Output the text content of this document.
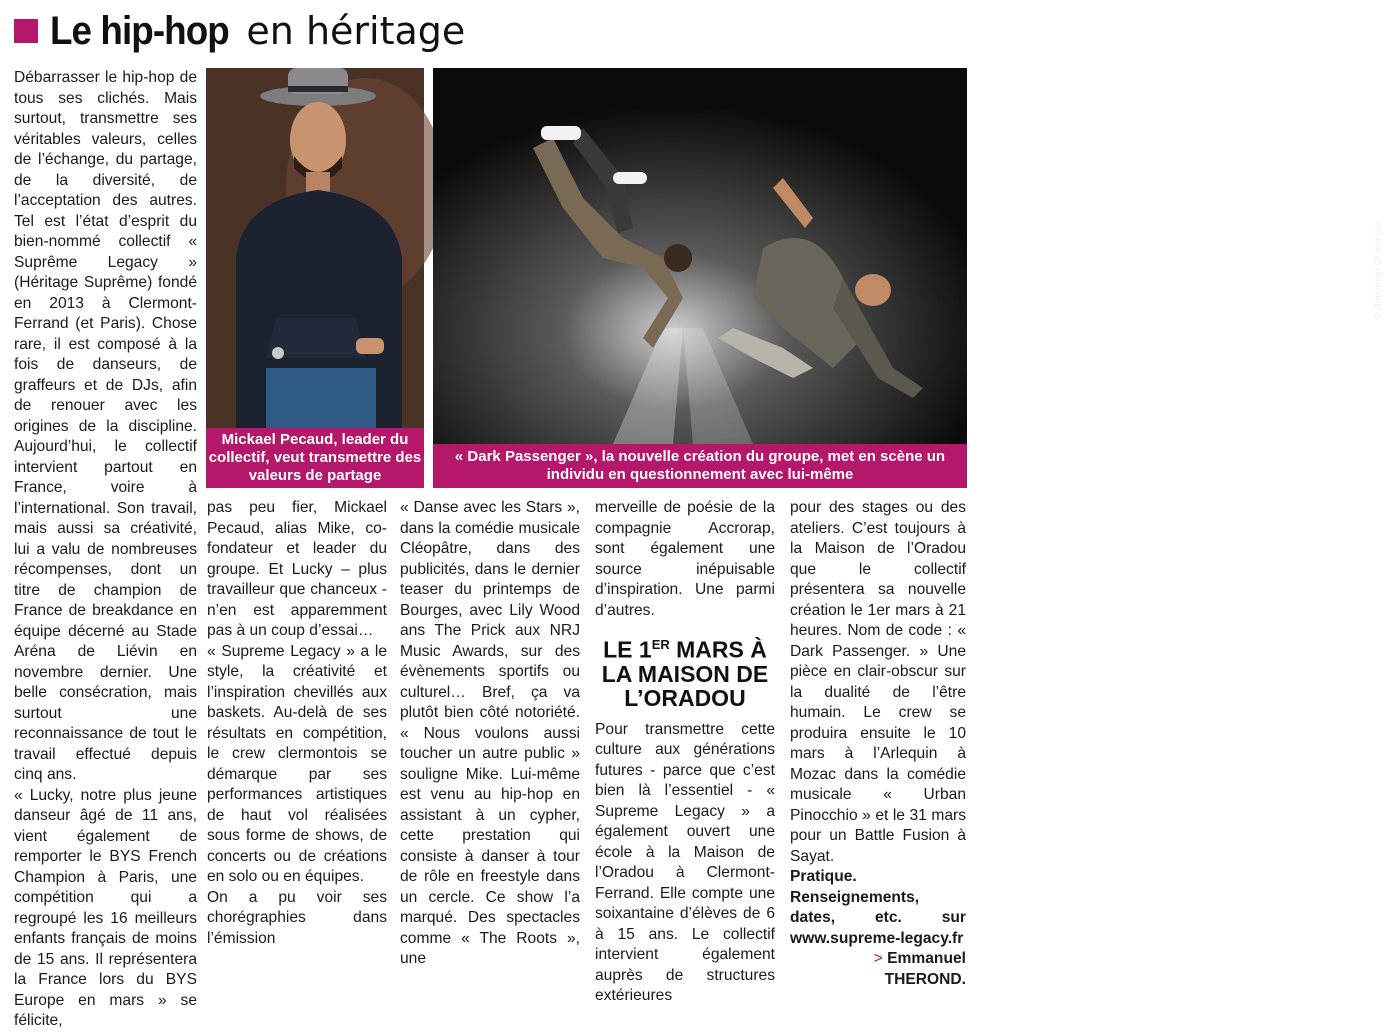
Le hip-hop en héritage

Débarrasser le hip-hop de tous ses clichés. Mais surtout, transmettre ses véritables valeurs, celles de l’échange, du partage, de la diversité, de l’acceptation des autres. Tel est l’état d’esprit du bien-nommé collectif « Suprême Legacy » (Héritage Suprême) fondé en 2013 à Clermont-Ferrand (et Paris). Chose rare, il est composé à la fois de danseurs, de graffeurs et de DJs, afin de renouer avec les origines de la discipline. Aujourd’hui, le collectif intervient partout en France, voire à l’international. Son travail, mais aussi sa créativité, lui a valu de nombreuses récompenses, dont un titre de champion de France de breakdance en équipe décerné au Stade Aréna de Liévin en novembre dernier. Une belle consécration, mais surtout une reconnaissance de tout le travail effectué depuis cinq ans.

« Lucky, notre plus jeune danseur âgé de 11 ans, vient également de remporter le BYS French Champion à Paris, une compétition qui a regroupé les 16 meilleurs enfants français de moins de 15 ans. Il représentera la France lors du BYS Europe en mars » se félicite,

Mickael Pecaud, leader du collectif, veut transmettre des valeurs de partage
© Benjamin Cherasse
« Dark Passenger », la nouvelle création du groupe, met en scène un individu en questionnement avec lui-même

pas peu fier, Mickael Pecaud, alias Mike, co-fondateur et leader du groupe. Et Lucky – plus travailleur que chanceux - n’en est apparemment pas à un coup d’essai…

« Supreme Legacy » a le style, la créativité et l’inspiration chevillés aux baskets. Au-delà de ses résultats en compétition, le crew clermontois se démarque par ses performances artistiques de haut vol réalisées sous forme de shows, de concerts ou de créations en solo ou en équipes.

On a pu voir ses chorégraphies dans l’émission

« Danse avec les Stars », dans la comédie musicale Cléopâtre, dans des publicités, dans le dernier teaser du printemps de Bourges, avec Lily Wood ans The Prick aux NRJ Music Awards, sur des évènements sportifs ou culturel… Bref, ça va plutôt bien côté notoriété. « Nous voulons aussi toucher un autre public » souligne Mike. Lui-même est venu au hip-hop en assistant à un cypher, cette prestation qui consiste à danser à tour de rôle en freestyle dans un cercle. Ce show l’a marqué. Des spectacles comme « The Roots », une

merveille de poésie de la compagnie Accrorap, sont également une source inépuisable d’inspiration. Une parmi d’autres.

LE 1ER MARS À LA MAISON DE L’ORADOU

Pour transmettre cette culture aux générations futures - parce que c’est bien là l’essentiel - « Supreme Legacy » a également ouvert une école à la Maison de l’Oradou à Clermont-Ferrand. Elle compte une soixantaine d’élèves de 6 à 15 ans. Le collectif intervient également auprès de structures extérieures

pour des stages ou des ateliers. C’est toujours à la Maison de l’Oradou que le collectif présentera sa nouvelle création le 1er mars à 21 heures. Nom de code : « Dark Passenger. » Une pièce en clair-obscur sur la dualité de l’être humain. Le crew se produira ensuite le 10 mars à l’Arlequin à Mozac dans la comédie musicale « Urban Pinocchio » et le 31 mars pour un Battle Fusion à Sayat.

Pratique. Renseignements, dates, etc. sur www.supreme-legacy.fr

> Emmanuel THEROND.
